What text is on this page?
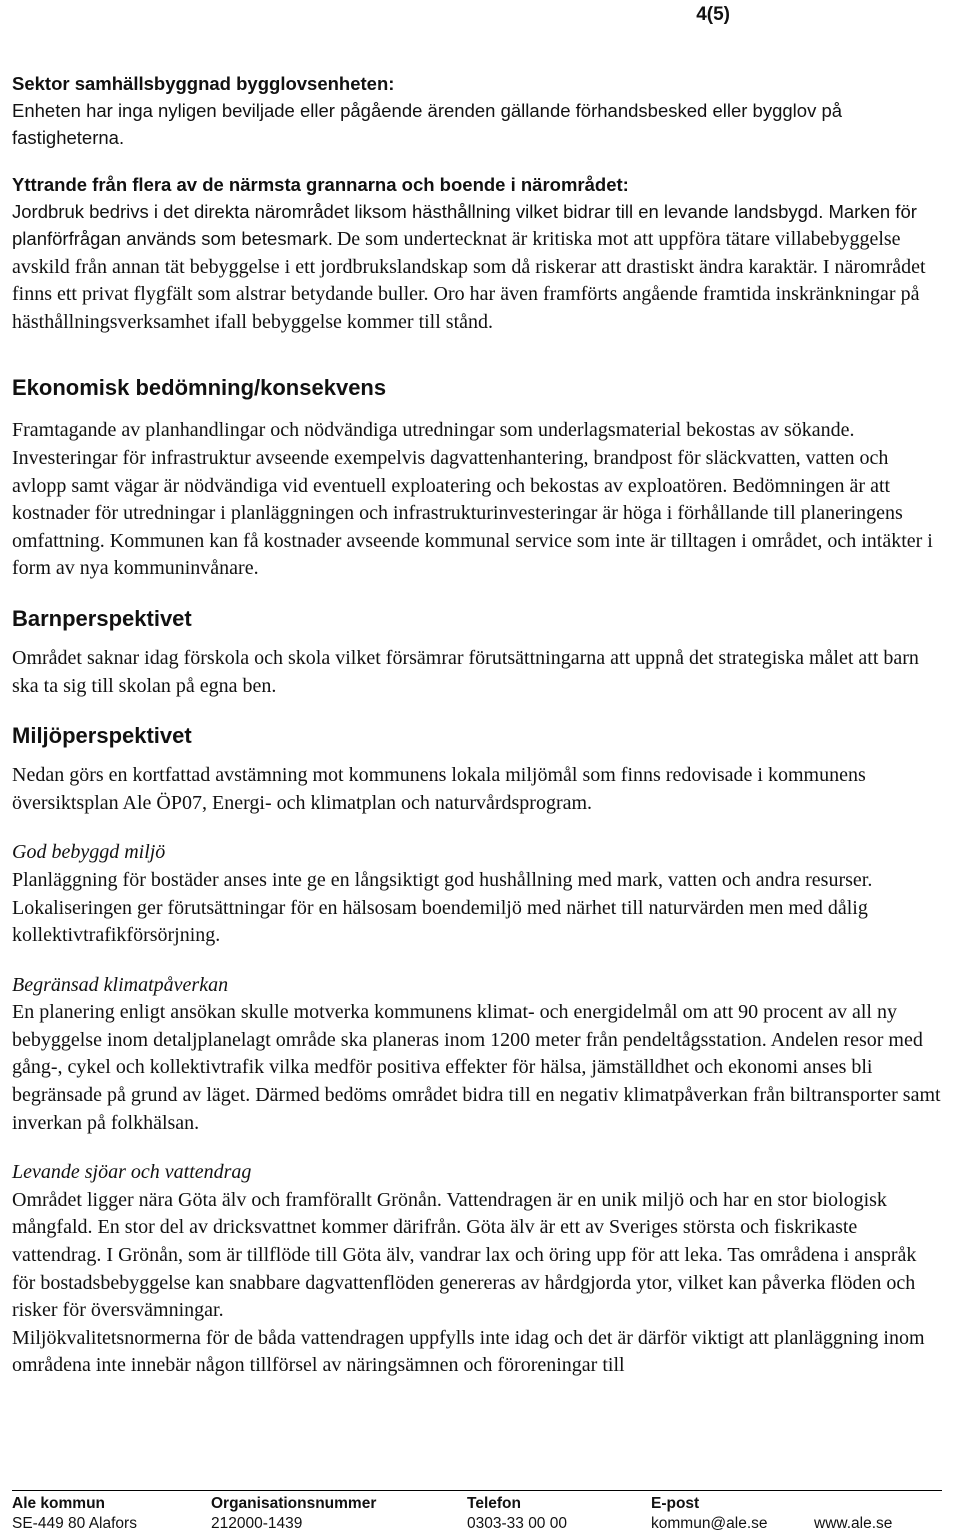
4(5)

Sektor samhällsbyggnad bygglovsenheten:

Enheten har inga nyligen beviljade eller pågående ärenden gällande förhandsbesked eller bygglov på fastigheterna.

Yttrande från flera av de närmsta grannarna och boende i närområdet:

Jordbruk bedrivs i det direkta närområdet liksom hästhållning vilket bidrar till en levande landsbygd. Marken för planförfrågan används som betesmark. De som undertecknat är kritiska mot att uppföra tätare villabebyggelse avskild från annan tät bebyggelse i ett jordbrukslandskap som då riskerar att drastiskt ändra karaktär. I närområdet finns ett privat flygfält som alstrar betydande buller. Oro har även framförts angående framtida inskränkningar på hästhållningsverksamhet ifall bebyggelse kommer till stånd.

Ekonomisk bedömning/konsekvens

Framtagande av planhandlingar och nödvändiga utredningar som underlagsmaterial bekostas av sökande. Investeringar för infrastruktur avseende exempelvis dagvattenhantering, brandpost för släckvatten, vatten och avlopp samt vägar är nödvändiga vid eventuell exploatering och bekostas av exploatören. Bedömningen är att kostnader för utredningar i planläggningen och infrastrukturinvesteringar är höga i förhållande till planeringens omfattning. Kommunen kan få kostnader avseende kommunal service som inte är tilltagen i området, och intäkter i form av nya kommuninvånare.

Barnperspektivet

Området saknar idag förskola och skola vilket försämrar förutsättningarna att uppnå det strategiska målet att barn ska ta sig till skolan på egna ben.

Miljöperspektivet

Nedan görs en kortfattad avstämning mot kommunens lokala miljömål som finns redovisade i kommunens översiktsplan Ale ÖP07, Energi- och klimatplan och naturvårdsprogram.

God bebyggd miljö

Planläggning för bostäder anses inte ge en långsiktigt god hushållning med mark, vatten och andra resurser. Lokaliseringen ger förutsättningar för en hälsosam boendemiljö med närhet till naturvärden men med dålig kollektivtrafikförsörjning.

Begränsad klimatpåverkan

En planering enligt ansökan skulle motverka kommunens klimat- och energidelmål om att 90 procent av all ny bebyggelse inom detaljplanelagt område ska planeras inom 1200 meter från pendeltågsstation. Andelen resor med gång-, cykel och kollektivtrafik vilka medför positiva effekter för hälsa, jämställdhet och ekonomi anses bli begränsade på grund av läget. Därmed bedöms området bidra till en negativ klimatpåverkan från biltransporter samt inverkan på folkhälsan.

Levande sjöar och vattendrag

Området ligger nära Göta älv och framförallt Grönån. Vattendragen är en unik miljö och har en stor biologisk mångfald. En stor del av dricksvattnet kommer därifrån. Göta älv är ett av Sveriges största och fiskrikaste vattendrag. I Grönån, som är tillflöde till Göta älv, vandrar lax och öring upp för att leka. Tas områdena i anspråk för bostadsbebyggelse kan snabbare dagvattenflöden genereras av hårdgjorda ytor, vilket kan påverka flöden och risker för översvämningar.

Miljökvalitetsnormerna för de båda vattendragen uppfylls inte idag och det är därför viktigt att planläggning inom områdena inte innebär någon tillförsel av näringsämnen och föroreningar till

Ale kommun	Organisationsnummer	Telefon	E-post
SE-449 80 Alafors	212000-1439	0303-33 00 00	kommun@ale.se	www.ale.se
